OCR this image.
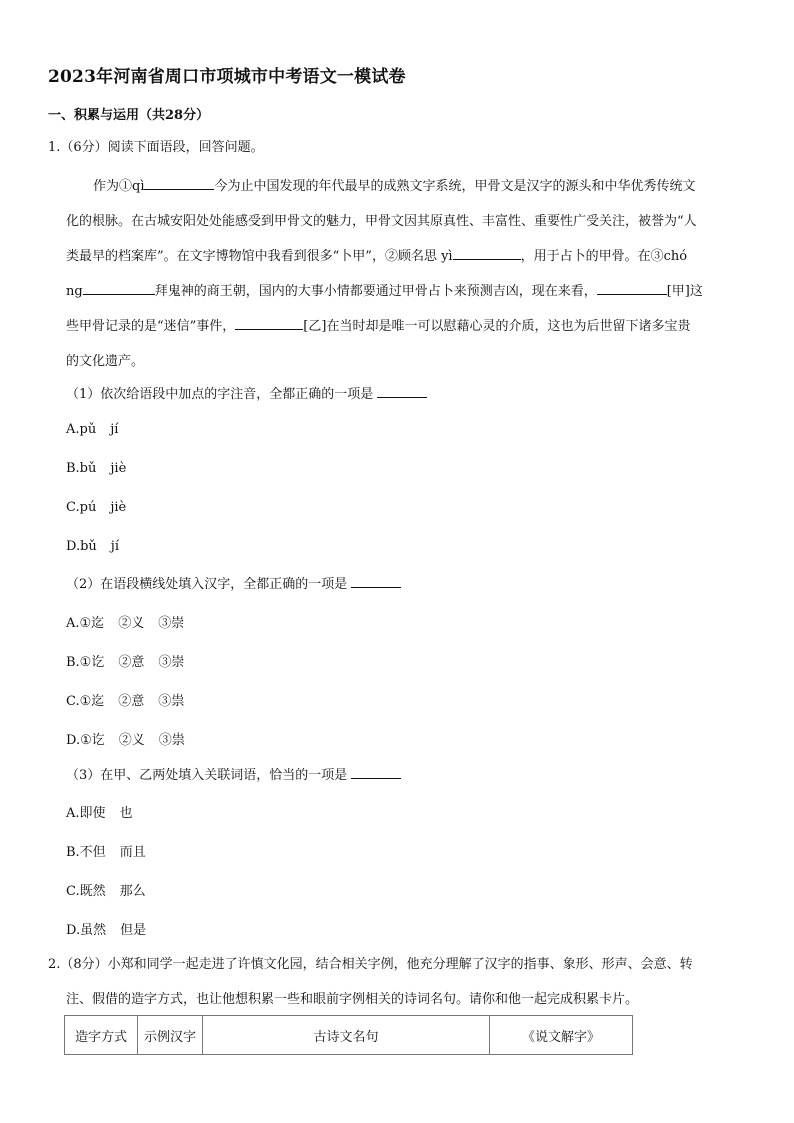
2023年河南省周口市项城市中考语文一模试卷
一、积累与运用（共28分）
1.（6分）阅读下面语段，回答问题。
作为①qì	今为止中国发现的年代最早的成熟文字系统，甲骨文是汉字的源头和中华优秀传统文
化的根脉。在古城安阳处处能感受到甲骨文的魅力，甲骨文因其原真性、丰富性、重要性广受关注，被誉为“人
类最早的档案库”。在文字博物馆中我看到很多“卜甲”，②顾名思 yì	，用于占卜的甲骨。在③chó
ng	拜鬼神的商王朝，国内的大事小情都要通过甲骨占卜来预测吉凶，现在来看，	[甲]这
些甲骨记录的是“迷信”事件，	[乙]在当时却是唯一可以慰藉心灵的介质，这也为后世留下诸多宝贵
的文化遗产。
（1）依次给语段中加点的字注音，全都正确的一项是
A.pǔ jí
B.bǔ jiè
C.pú jiè
D.bǔ jí
（2）在语段横线处填入汉字，全都正确的一项是
A.①迄 ②义 ③崇
B.①讫 ②意 ③崇
C.①迄 ②意 ③祟
D.①讫 ②义 ③祟
（3）在甲、乙两处填入关联词语，恰当的一项是
A.即使 也
B.不但 而且
C.既然 那么
D.虽然 但是
2.（8分）小郑和同学一起走进了许慎文化园，结合相关字例，他充分理解了汉字的指事、象形、形声、会意、转
注、假借的造字方式，也让他想积累一些和眼前字例相关的诗词名句。请你和他一起完成积累卡片。
造字方式	示例汉字	古诗文名句	《说文解字》
